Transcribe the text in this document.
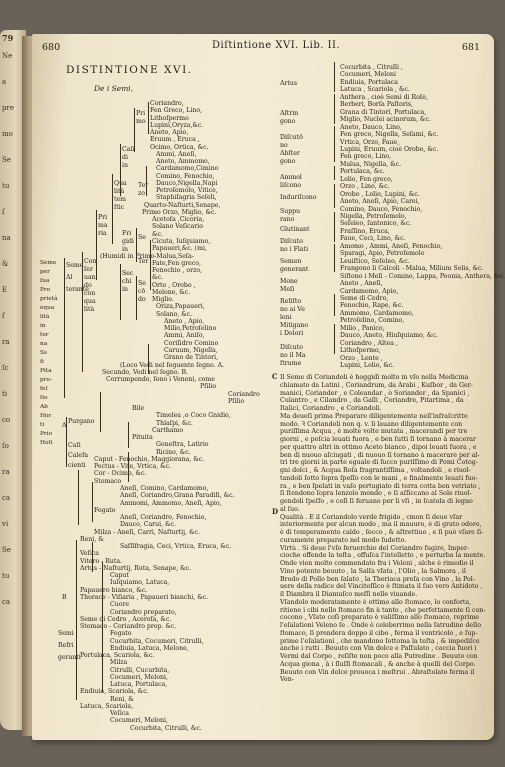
79
Ne
a
pre
mo
Se
tu
ſ
na
&
E
ſ
ra
ſc
ti
co
ſo
ra
ca
vi
Se
tu
ca
680	Diſtintione XVI. Lib. II.	681
DISTINTIONE XVI.
De i Semi,
Coriandro,
Fen Greco, Lino,
Lithoſpermo
Lupini,Oryza,&c.
Aneto, Apio,
Eruum , Eruca ,
Ocimo, Ortica, &c.
Ammi, Aneſi,
Aneto, Ammomo,
Cardamomo,Cimino
Comino, Fenochio,
Dauco,Nigella,Napi
Petroſemolo, Vitice,
Staphiſagria Seſeli,
Quarto-Naſturti,Senape,
Primo Orzo, Miglio, &c.
Acetoſa ,Cicoria,
Solano Veſicario
&c.
Cicuta, Iuſquiamo,
Papaueri,&c. (mi,
(Humidi in Primo-Malua,Seſa-
Fate,Fen greco,
Fenochio , orzo,
&c.
Orto , Orobo ,
Melone, &c.
Miglio.
Oriza,Papaueri,
Solano, &c.
Aneto , Apio,
Milio,Petroſelino
Ammi, Aniſo,
Coriſidro Comino
Caruum, Nigella,
Grano de Tintori,
(Loco Vedi nel ſeguente ſegno. A.
Secundo, Vedi nel ſegno. B.
Corrumpendo, ſono i Veneni, come
Pſilio
Coriandro
Pſilio
Bile
Timelea ,o Coco Gnidio,
Thlaſpi, &c.
Carthamo
Pituita
Geneſtra, Latirio
Ricino, &c.
Caput - Fenochio, Maggiorana, &c.
Pectus - Vite, Vrtica, &c.
Cor - Ocimo, &c.
Stomaco
Aneſi, Comino, Cardamomo,
Aneſi, Coriandro,Grana Paradiſi, &c.
Ammomi, Ammomo, Aneſi, Apio,
Fegato
Aneſi, Coriandro, Fenochio,
Dauco, Carui, &c.
Milza - Aneſi, Carri, Naſturtij, &c.
Reni, &
Saſſifragia, Ceci, Vrtica, Eruca, &c.
Veſica
Vitero - Ruta.
Artus - Naſturtij, Ruta, Senape, &c.
Caput
Iuſquiamo, Latuca,
Papauero bianco, &c.
Thorace - Viſiaria , Papaueri bianchi, &c.
Cuore
Coriandro preparato,
Seme di Cedro , Aceroſa, &c.
Stomaco - Coriandro prep. &c.
Fegato
Cucurbita, Cocumeri, Citrulli,
Endiuia, Latuca, Melone,
Portulaca, Scariola, &c.
Milza
Citrulli, Cucurbita,
Cocumeri, Meloni,
Latuca, Portulaca,
Endiuia, Scariola, &c.
Reni, &
Latuca, Scariola,
Veſica
Cocumeri, Meloni,
Cocurbita, Citrulli, &c.
Pri
mo
Cali
di
in
Ter
zo
Qua
lità
tem
ſtic
Pri
ma
ria Fri
gidi
in
Se
Ter
Sec
chi
in
Se
cō
do
Con
ſer
uan
do
con
qua
lità
Seme
Al
terante
Purgano
Caſi
Calefa
cienti
Semi
Refri
geranti
A
B
Seme
per
ſua
Pro
prietà
equa
lità
in
ter
na
Ss
fi
Pita
pro-
feſ
ſio
Ab
Hor
ti
Prio
Hoſi
Cocurbita , Citrulli ,
Cocumeri, Meloni
Endiuia, Portulaca
Latuca , Scariola , &c.
Anthera , cioè Semi di Roſe,
Berberi, Borſa Paſtoris,
Grana di Tintori, Portulaca,
Miglio, Nuclei acinorum, &c.
Aneto, Dauco, Lino,
Fen greco, Nigella, Seſami, &c.
Vrtica, Orzo, Faue,
Lupini, Eruum, cioè Orobo, &c.
Fen greco, Lino,
Malua, Nigella, &c.
Portulaca, &c.
Lolio, Fen greco,
Orzo , Lino, &c.
Orobo , Lolio, Lupini, &c.
Aneto, Aneſi, Apio, Carei,
Comino, Dauco, Fenochio,
Nigella, Petroſemolo,
Seſeleo, ſantonico, &c.
Fraſſino, Eruca,
Faue, Ceci, Lino, &c.
Amomo , Ammi, Aneſi, Fenochio,
Sparagi, Apio, Petroſemolo
Leuiſtico, Seſeleo, &c.
Frangono li Calcoli - Malua, Milium Solis, &c.
Siſtono i Meſi - Comino, Lappa, Peonia, Anthera, &c.
Aneto , Aneſi,
Cardamomo, Apio,
Seme di Cedro,
Fenochio, Rape, &c.
Ammomo, Cardamomo,
Petroſelino, Comino,
Milio , Panico,
Dauco, Aneto, Hiuſquiamo, &c.
Coriandro , Altea ,
Lithoſpermo,
Orzo , Lente ,
Lupini, Lolio, &c.
Artus
Aſtrin
gono
Diſcutō
no
Abſter
gono
Ammol
liſcono
Induriſcono
Suppu
rano
Glutinant
Diſcuto
no i Flati
Semen
generant
Mone
Meſi
Reſiſto
no ai Ve
leni
Mitigano
i Dolori
Diſcuto
no il Ma
ſtrume
Il Seme di Coriandoli è hoggidì molto in vſo nella Medicina
chiamato da Latini , Coriandrum, da Arabi , Kuſbor , da Ger-
manici, Coriander , e Coleandar , ò Soriander , da Spanici ,
Culantro , e Cilandro , da Galli , Coriandre, Pitartima , da
Italici, Coriandro , e Coriandoli.
Ma deueſi prima Preparare diligentemente nell'infraſcritto
modo. Ꝛ Coriandoli non q. v. li lauano diligentemente con
puriſſima Acqua , è molte volte mutata , macerandi per tre
giorni , e poſcia leuati fuora , e ben ſutti ſi tornano à macerar
per quattro altri in ottimo Aceto bianco , dipoi leuati fuora , e
ben di nuouo aſciugati , di nuouo ſi tornano à macerare per al-
tri tre giorni in parte eguale di ſucco puriſſimo di Pomi Cotog-
gni dolci , & Acqua Roſa fragrantiſſima , voltandoli , e riuol-
tandoli ſotto ſopra ſpeſſo con le mani , e finalmente leuati fuo-
ra , e ben ſpelati in vaſo pertugiato di terra cotta ben vetriato ,
ſi ſtendono ſopra lenzolo mondo , e ſi aſſiccano al Sole riuol-
gendoli ſpeſſo , e coſì ſi feruano per li vſi , in ſcatola di legno
al ſuo.
Qualità . E il Coriandolo verde frigido , cmon ſi deue vſar
interiormente per alcun modo , ma il mauuro, è di grato odore,
è di temperamento caldo , ſecco , & aſtrettiuo , e ſi può vſare ſi-
curamente preparato nel modo ſudetto.
Virtù . Si deue l'vſo feruerchio del Coriandro fugire, Imper-
cioche offende la teſta , offuſca l'intelletto , e perturba la mente.
Onde vien molto commendato fra i Veleni , alche è rimedio il
Vino potente beuuto , la Salſa vſata , l'Olio , la Salmora , il
Brodo di Pollo ben ſalato , la Theriaca preſa con Vino , la Pol-
uere della radice del Vincitoſſico è ſtimata il ſuo vero Antidoto ,
il Diambra il Diamuſco meſſi nelle viuande.
Vſandolo moderatamente è ottimo allo ſtomaco, lo conforta,
ritiene i cibi nello ſtomaco fin à tanto , che perfettamente ſi con-
cocono , Vſato coſì preparato è valiſſimo allo ſtomaco, reprime
l'eſalationi Veleno ſe . Onde è celeberrimo nella ſatrudine dello
ſtomaco, ſi prendera doppo il cibo , ferma il ventricolo , e ſup-
prime l'eſalationi , che mandono ſottoma la teſta , & impediſce
anche i rutti . Beuuto con Vin dolce e Paſſulato , caccia fuori i
Vermi dal Corpo , reſiſte non poco alla Putredine . Beuuto con
Acqua giona , à i ſluſſi ſtomacali , & anche à quelli del Corpo.
Beuuto con Vin dolce prouoca i meſtrui . Abraſtolato ferma il
Ven-
C
D
